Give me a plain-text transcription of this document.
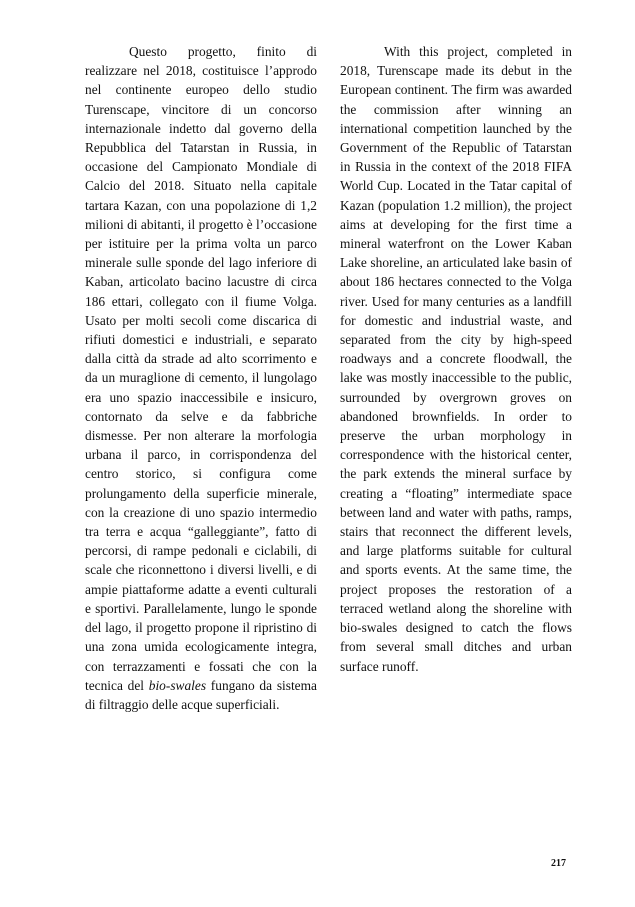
Questo progetto, finito di realizzare nel 2018, costituisce l’approdo nel continente europeo dello studio Turenscape, vincitore di un concorso internazionale indetto dal governo della Repubblica del Tatarstan in Russia, in occasione del Campionato Mondiale di Calcio del 2018. Situato nella capitale tartara Kazan, con una popolazione di 1,2 milioni di abitanti, il progetto è l’occasione per istituire per la prima volta un parco minerale sulle sponde del lago inferiore di Kaban, articolato bacino lacustre di circa 186 ettari, collegato con il fiume Volga. Usato per molti secoli come discarica di rifiuti domestici e industriali, e separato dalla città da strade ad alto scorrimento e da un muraglione di cemento, il lungolago era uno spazio inaccessibile e insicuro, contornato da selve e da fabbriche dismesse. Per non alterare la morfologia urbana il parco, in corrispondenza del centro storico, si configura come prolungamento della superficie minerale, con la creazione di uno spazio intermedio tra terra e acqua “galleggiante”, fatto di percorsi, di rampe pedonali e ciclabili, di scale che riconnettono i diversi livelli, e di ampie piattaforme adatte a eventi culturali e sportivi. Parallelamente, lungo le sponde del lago, il progetto propone il ripristino di una zona umida ecologicamente integra, con terrazzamenti e fossati che con la tecnica del bio-swales fungano da sistema di filtraggio delle acque superficiali.

With this project, completed in 2018, Turenscape made its debut in the European continent. The firm was awarded the commission after winning an international competition launched by the Government of the Republic of Tatarstan in Russia in the context of the 2018 FIFA World Cup. Located in the Tatar capital of Kazan (population 1.2 million), the project aims at developing for the first time a mineral waterfront on the Lower Kaban Lake shoreline, an articulated lake basin of about 186 hectares connected to the Volga river. Used for many centuries as a landfill for domestic and industrial waste, and separated from the city by high-speed roadways and a concrete floodwall, the lake was mostly inaccessible to the public, surrounded by overgrown groves on abandoned brownfields. In order to preserve the urban morphology in correspondence with the historical center, the park extends the mineral surface by creating a “floating” intermediate space between land and water with paths, ramps, stairs that reconnect the different levels, and large platforms suitable for cultural and sports events. At the same time, the project proposes the restoration of a terraced wetland along the shoreline with bio-swales designed to catch the flows from several small ditches and urban surface runoff.

217
